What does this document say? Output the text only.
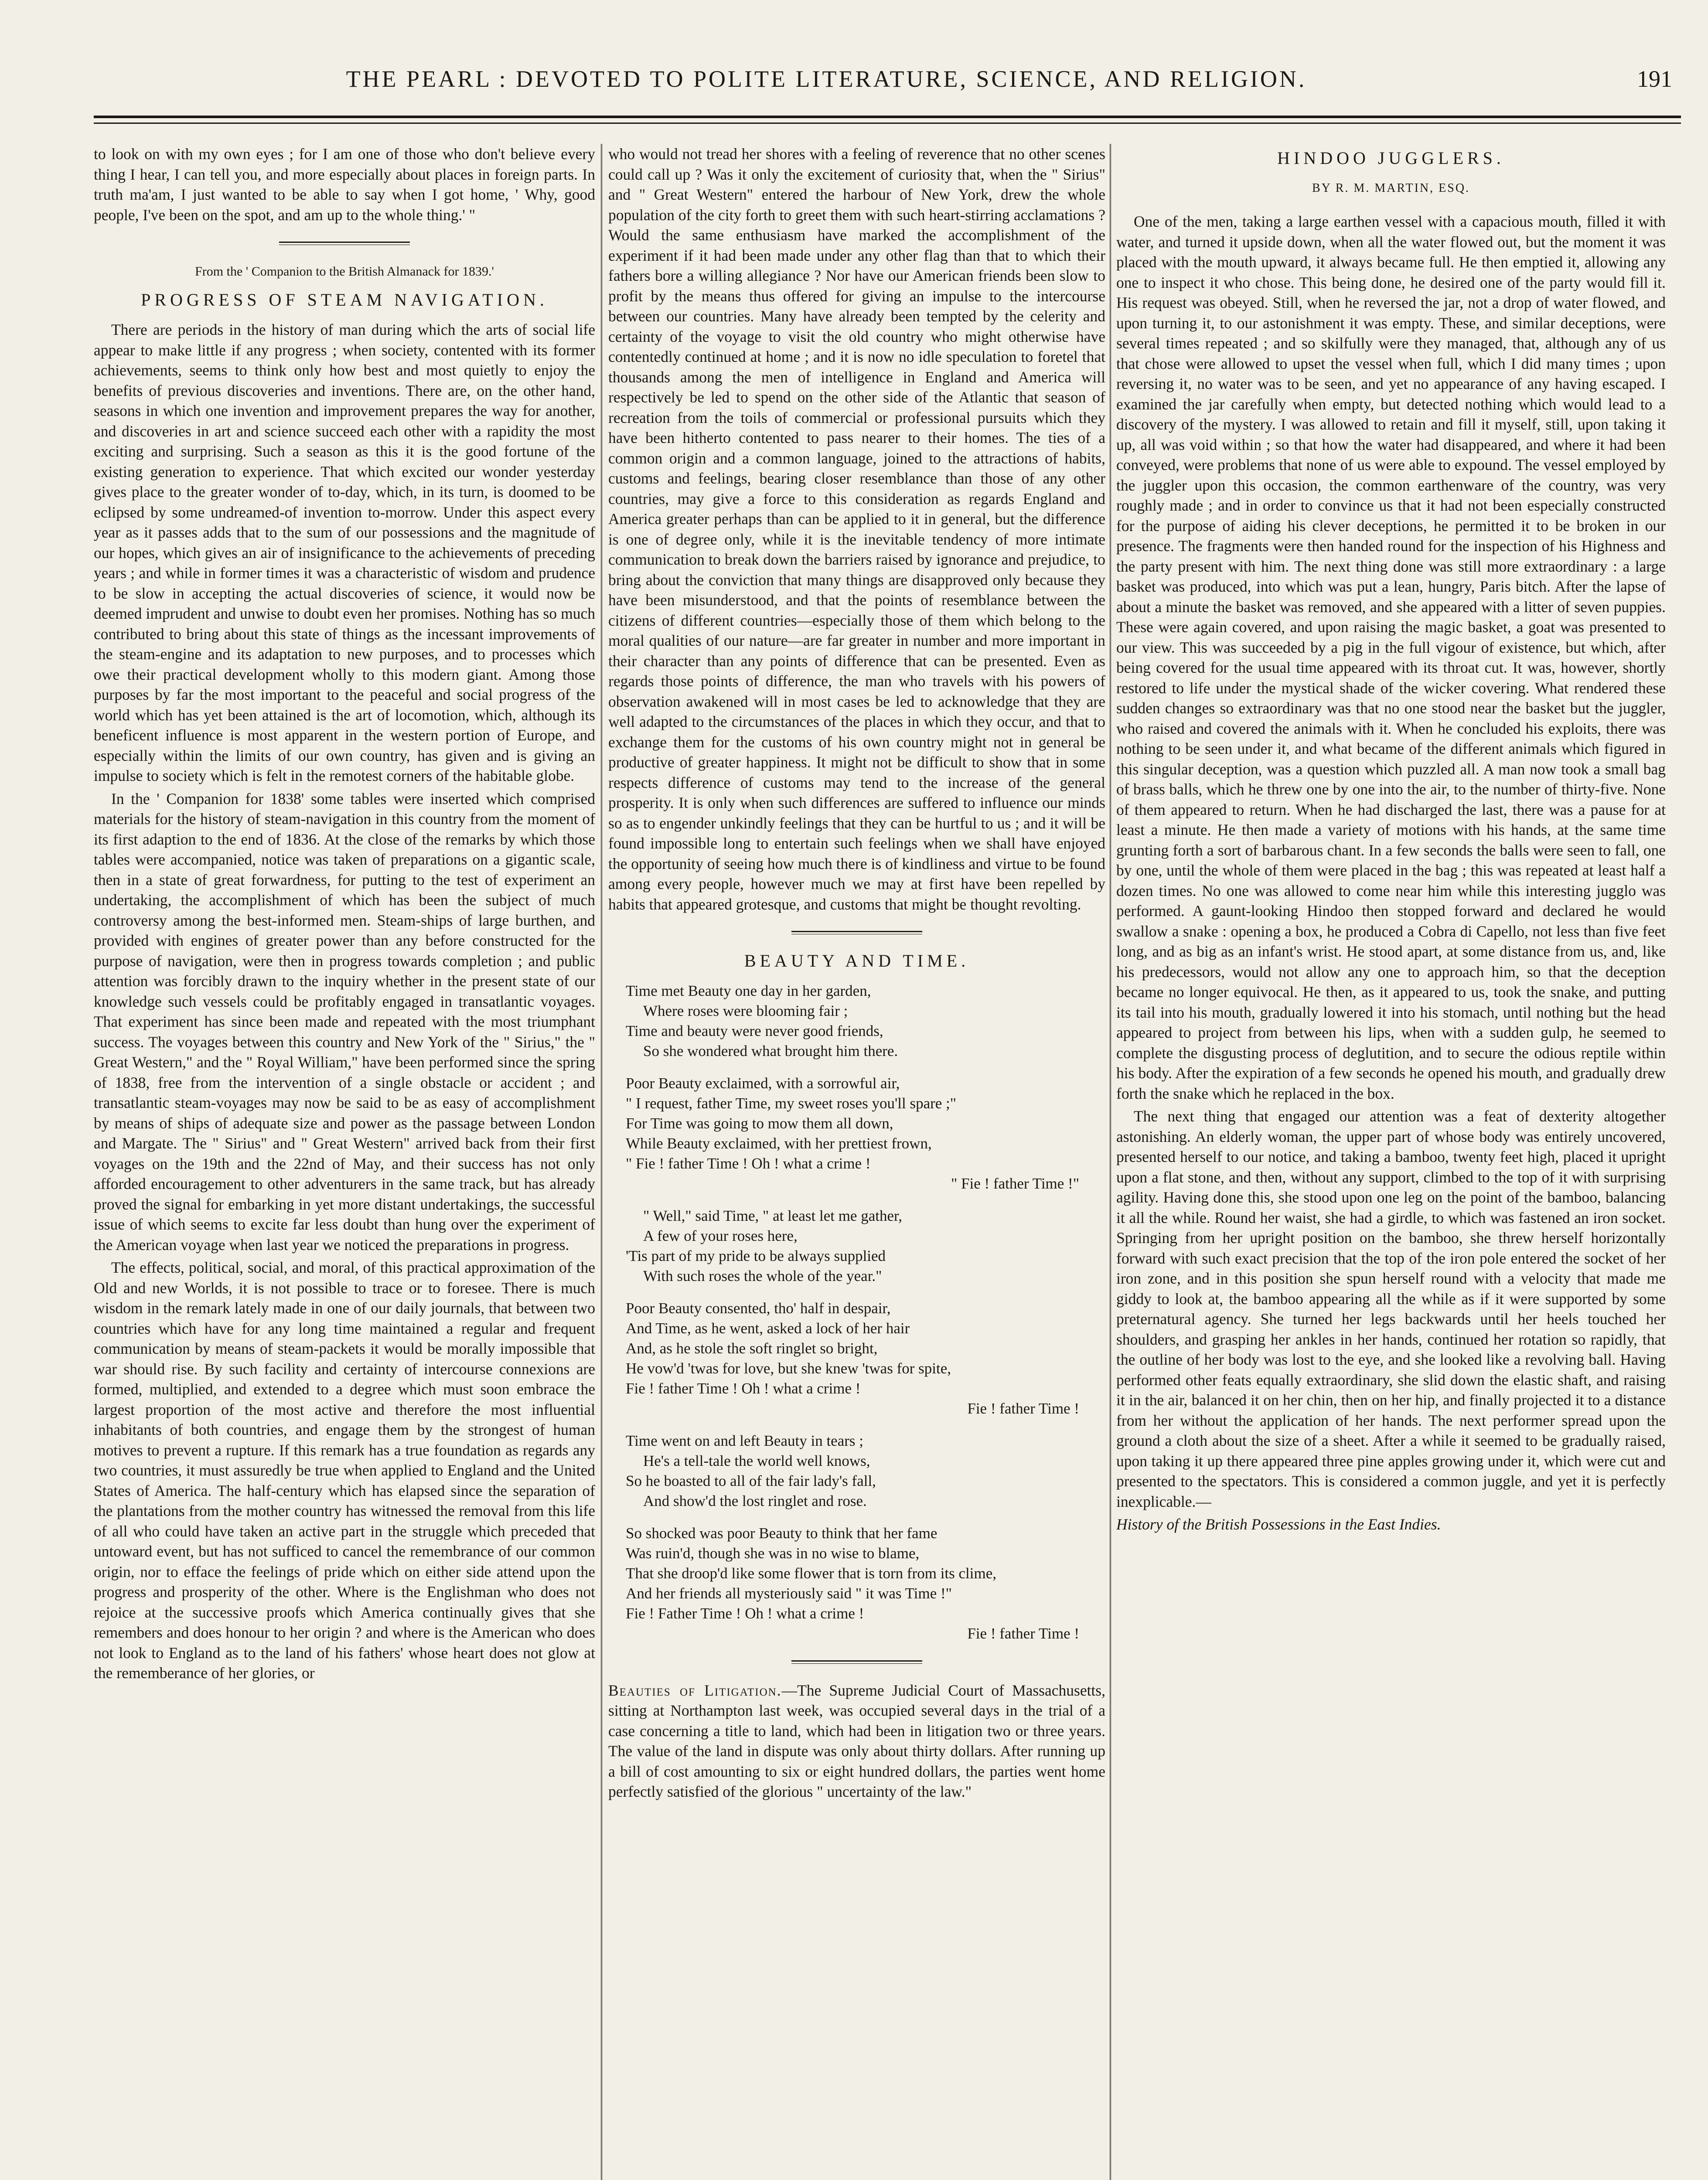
THE PEARL : DEVOTED TO POLITE LITERATURE, SCIENCE, AND RELIGION.	191

to look on with my own eyes ; for I am one of those who don't believe every thing I hear, I can tell you, and more especially about places in foreign parts. In truth ma'am, I just wanted to be able to say when I got home, ' Why, good people, I've been on the spot, and am up to the whole thing.' "

From the ' Companion to the British Almanack for 1839.'
PROGRESS OF STEAM NAVIGATION.

There are periods in the history of man during which the arts of social life appear to make little if any progress ; when society, contented with its former achievements, seems to think only how best and most quietly to enjoy the benefits of previous discoveries and inventions. There are, on the other hand, seasons in which one invention and improvement prepares the way for another, and discoveries in art and science succeed each other with a rapidity the most exciting and surprising. Such a season as this it is the good fortune of the existing generation to experience. That which excited our wonder yesterday gives place to the greater wonder of to-day, which, in its turn, is doomed to be eclipsed by some undreamed-of invention to-morrow. Under this aspect every year as it passes adds that to the sum of our possessions and the magnitude of our hopes, which gives an air of insignificance to the achievements of preceding years ; and while in former times it was a characteristic of wisdom and prudence to be slow in accepting the actual discoveries of science, it would now be deemed imprudent and unwise to doubt even her promises. Nothing has so much contributed to bring about this state of things as the incessant improvements of the steam-engine and its adaptation to new purposes, and to processes which owe their practical development wholly to this modern giant. Among those purposes by far the most important to the peaceful and social progress of the world which has yet been attained is the art of locomotion, which, although its beneficent influence is most apparent in the western portion of Europe, and especially within the limits of our own country, has given and is giving an impulse to society which is felt in the remotest corners of the habitable globe.

In the ' Companion for 1838' some tables were inserted which comprised materials for the history of steam-navigation in this country from the moment of its first adaption to the end of 1836. At the close of the remarks by which those tables were accompanied, notice was taken of preparations on a gigantic scale, then in a state of great forwardness, for putting to the test of experiment an undertaking, the accomplishment of which has been the subject of much controversy among the best-informed men. Steam-ships of large burthen, and provided with engines of greater power than any before constructed for the purpose of navigation, were then in progress towards completion ; and public attention was forcibly drawn to the inquiry whether in the present state of our knowledge such vessels could be profitably engaged in transatlantic voyages. That experiment has since been made and repeated with the most triumphant success. The voyages between this country and New York of the " Sirius," the " Great Western," and the " Royal William," have been performed since the spring of 1838, free from the intervention of a single obstacle or accident ; and transatlantic steam-voyages may now be said to be as easy of accomplishment by means of ships of adequate size and power as the passage between London and Margate. The " Sirius" and " Great Western" arrived back from their first voyages on the 19th and the 22nd of May, and their success has not only afforded encouragement to other adventurers in the same track, but has already proved the signal for embarking in yet more distant undertakings, the successful issue of which seems to excite far less doubt than hung over the experiment of the American voyage when last year we noticed the preparations in progress.

The effects, political, social, and moral, of this practical approximation of the Old and new Worlds, it is not possible to trace or to foresee. There is much wisdom in the remark lately made in one of our daily journals, that between two countries which have for any long time maintained a regular and frequent communication by means of steam-packets it would be morally impossible that war should rise. By such facility and certainty of intercourse connexions are formed, multiplied, and extended to a degree which must soon embrace the largest proportion of the most active and therefore the most influential inhabitants of both countries, and engage them by the strongest of human motives to prevent a rupture. If this remark has a true foundation as regards any two countries, it must assuredly be true when applied to England and the United States of America. The half-century which has elapsed since the separation of the plantations from the mother country has witnessed the removal from this life of all who could have taken an active part in the struggle which preceded that untoward event, but has not sufficed to cancel the remembrance of our common origin, nor to efface the feelings of pride which on either side attend upon the progress and prosperity of the other. Where is the Englishman who does not rejoice at the successive proofs which America continually gives that she remembers and does honour to her origin ? and where is the American who does not look to England as to the land of his fathers' whose heart does not glow at the rememberance of her glories, or

who would not tread her shores with a feeling of reverence that no other scenes could call up ? Was it only the excitement of curiosity that, when the " Sirius" and " Great Western" entered the harbour of New York, drew the whole population of the city forth to greet them with such heart-stirring acclamations ? Would the same enthusiasm have marked the accomplishment of the experiment if it had been made under any other flag than that to which their fathers bore a willing allegiance ? Nor have our American friends been slow to profit by the means thus offered for giving an impulse to the intercourse between our countries. Many have already been tempted by the celerity and certainty of the voyage to visit the old country who might otherwise have contentedly continued at home ; and it is now no idle speculation to foretel that thousands among the men of intelligence in England and America will respectively be led to spend on the other side of the Atlantic that season of recreation from the toils of commercial or professional pursuits which they have been hitherto contented to pass nearer to their homes. The ties of a common origin and a common language, joined to the attractions of habits, customs and feelings, bearing closer resemblance than those of any other countries, may give a force to this consideration as regards England and America greater perhaps than can be applied to it in general, but the difference is one of degree only, while it is the inevitable tendency of more intimate communication to break down the barriers raised by ignorance and prejudice, to bring about the conviction that many things are disapproved only because they have been misunderstood, and that the points of resemblance between the citizens of different countries—especially those of them which belong to the moral qualities of our nature—are far greater in number and more important in their character than any points of difference that can be presented. Even as regards those points of difference, the man who travels with his powers of observation awakened will in most cases be led to acknowledge that they are well adapted to the circumstances of the places in which they occur, and that to exchange them for the customs of his own country might not in general be productive of greater happiness. It might not be difficult to show that in some respects difference of customs may tend to the increase of the general prosperity. It is only when such differences are suffered to influence our minds so as to engender unkindly feelings that they can be hurtful to us ; and it will be found impossible long to entertain such feelings when we shall have enjoyed the opportunity of seeing how much there is of kindliness and virtue to be found among every people, however much we may at first have been repelled by habits that appeared grotesque, and customs that might be thought revolting.

BEAUTY AND TIME.
Time met Beauty one day in her garden,
Where roses were blooming fair ;
Time and beauty were never good friends,
So she wondered what brought him there.
Poor Beauty exclaimed, with a sorrowful air,
" I request, father Time, my sweet roses you'll spare ;"
For Time was going to mow them all down,
While Beauty exclaimed, with her prettiest frown,
" Fie ! father Time ! Oh ! what a crime !
" Fie ! father Time !"
" Well," said Time, " at least let me gather,
A few of your roses here,
'Tis part of my pride to be always supplied
With such roses the whole of the year."
Poor Beauty consented, tho' half in despair,
And Time, as he went, asked a lock of her hair
And, as he stole the soft ringlet so bright,
He vow'd 'twas for love, but she knew 'twas for spite,
Fie ! father Time ! Oh ! what a crime !
Fie ! father Time !
Time went on and left Beauty in tears ;
He's a tell-tale the world well knows,
So he boasted to all of the fair lady's fall,
And show'd the lost ringlet and rose.
So shocked was poor Beauty to think that her fame
Was ruin'd, though she was in no wise to blame,
That she droop'd like some flower that is torn from its clime,
And her friends all mysteriously said " it was Time !"
Fie ! Father Time ! Oh ! what a crime !
Fie ! father Time !

Beauties of Litigation.—The Supreme Judicial Court of Massachusetts, sitting at Northampton last week, was occupied several days in the trial of a case concerning a title to land, which had been in litigation two or three years. The value of the land in dispute was only about thirty dollars. After running up a bill of cost amounting to six or eight hundred dollars, the parties went home perfectly satisfied of the glorious " uncertainty of the law."

HINDOO JUGGLERS.
BY R. M. MARTIN, ESQ.

One of the men, taking a large earthen vessel with a capacious mouth, filled it with water, and turned it upside down, when all the water flowed out, but the moment it was placed with the mouth upward, it always became full. He then emptied it, allowing any one to inspect it who chose. This being done, he desired one of the party would fill it. His request was obeyed. Still, when he reversed the jar, not a drop of water flowed, and upon turning it, to our astonishment it was empty. These, and similar deceptions, were several times repeated ; and so skilfully were they managed, that, although any of us that chose were allowed to upset the vessel when full, which I did many times ; upon reversing it, no water was to be seen, and yet no appearance of any having escaped. I examined the jar carefully when empty, but detected nothing which would lead to a discovery of the mystery. I was allowed to retain and fill it myself, still, upon taking it up, all was void within ; so that how the water had disappeared, and where it had been conveyed, were problems that none of us were able to expound. The vessel employed by the juggler upon this occasion, the common earthenware of the country, was very roughly made ; and in order to convince us that it had not been especially constructed for the purpose of aiding his clever deceptions, he permitted it to be broken in our presence. The fragments were then handed round for the inspection of his Highness and the party present with him. The next thing done was still more extraordinary : a large basket was produced, into which was put a lean, hungry, Paris bitch. After the lapse of about a minute the basket was removed, and she appeared with a litter of seven puppies. These were again covered, and upon raising the magic basket, a goat was presented to our view. This was succeeded by a pig in the full vigour of existence, but which, after being covered for the usual time appeared with its throat cut. It was, however, shortly restored to life under the mystical shade of the wicker covering. What rendered these sudden changes so extraordinary was that no one stood near the basket but the juggler, who raised and covered the animals with it. When he concluded his exploits, there was nothing to be seen under it, and what became of the different animals which figured in this singular deception, was a question which puzzled all. A man now took a small bag of brass balls, which he threw one by one into the air, to the number of thirty-five. None of them appeared to return. When he had discharged the last, there was a pause for at least a minute. He then made a variety of motions with his hands, at the same time grunting forth a sort of barbarous chant. In a few seconds the balls were seen to fall, one by one, until the whole of them were placed in the bag ; this was repeated at least half a dozen times. No one was allowed to come near him while this interesting jugglo was performed. A gaunt-looking Hindoo then stopped forward and declared he would swallow a snake : opening a box, he produced a Cobra di Capello, not less than five feet long, and as big as an infant's wrist. He stood apart, at some distance from us, and, like his predecessors, would not allow any one to approach him, so that the deception became no longer equivocal. He then, as it appeared to us, took the snake, and putting its tail into his mouth, gradually lowered it into his stomach, until nothing but the head appeared to project from between his lips, when with a sudden gulp, he seemed to complete the disgusting process of deglutition, and to secure the odious reptile within his body. After the expiration of a few seconds he opened his mouth, and gradually drew forth the snake which he replaced in the box.

The next thing that engaged our attention was a feat of dexterity altogether astonishing. An elderly woman, the upper part of whose body was entirely uncovered, presented herself to our notice, and taking a bamboo, twenty feet high, placed it upright upon a flat stone, and then, without any support, climbed to the top of it with surprising agility. Having done this, she stood upon one leg on the point of the bamboo, balancing it all the while. Round her waist, she had a girdle, to which was fastened an iron socket. Springing from her upright position on the bamboo, she threw herself horizontally forward with such exact precision that the top of the iron pole entered the socket of her iron zone, and in this position she spun herself round with a velocity that made me giddy to look at, the bamboo appearing all the while as if it were supported by some preternatural agency. She turned her legs backwards until her heels touched her shoulders, and grasping her ankles in her hands, continued her rotation so rapidly, that the outline of her body was lost to the eye, and she looked like a revolving ball. Having performed other feats equally extraordinary, she slid down the elastic shaft, and raising it in the air, balanced it on her chin, then on her hip, and finally projected it to a distance from her without the application of her hands. The next performer spread upon the ground a cloth about the size of a sheet. After a while it seemed to be gradually raised, upon taking it up there appeared three pine apples growing under it, which were cut and presented to the spectators. This is considered a common juggle, and yet it is perfectly inexplicable.—

History of the British Possessions in the East Indies.
